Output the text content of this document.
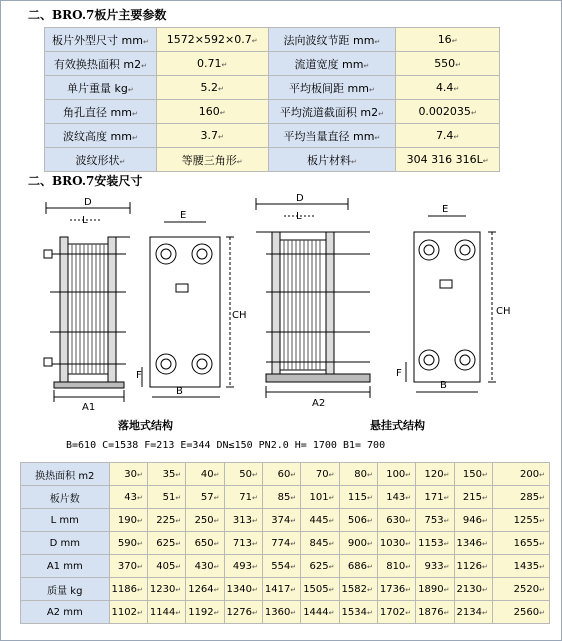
二、BRO.7板片主要参数
板片外型尺寸 mm↵	1572×592×0.7↵	法向波纹节距 mm↵	16↵
有效换热面积 m2↵	0.71↵	流道宽度 mm↵	550↵
单片重量 kg↵	5.2↵	平均板间距 mm↵	4.4↵
角孔直径 mm↵	160↵	平均流道截面积 m2↵	0.002035↵
波纹高度 mm↵	3.7↵	平均当量直径 mm↵	7.4↵
波纹形状↵	等腰三角形↵	板片材料↵	304 316 316L↵
二、BRO.7安装尺寸
D
L	E
CH
F
B
A1
D
L
E
CH
F
B
A2
落地式结构	悬挂式结构
B=610 C=1538 F=213 E=344 DN≤150 PN2.0 H= 1700 B1= 700
换热面积 m2	30↵	35↵	40↵	50↵	60↵	70↵	80↵	100↵	120↵	150↵	200↵
板片数	43↵	51↵	57↵	71↵	85↵	101↵	115↵	143↵	171↵	215↵	285↵
L mm	190↵	225↵	250↵	313↵	374↵	445↵	506↵	630↵	753↵	946↵	1255↵
D mm	590↵	625↵	650↵	713↵	774↵	845↵	900↵	1030↵	1153↵	1346↵	1655↵
A1 mm	370↵	405↵	430↵	493↵	554↵	625↵	686↵	810↵	933↵	1126↵	1435↵
质量 kg	1186↵	1230↵	1264↵	1340↵	1417↵	1505↵	1582↵	1736↵	1890↵	2130↵	2520↵
A2 mm	1102↵	1144↵	1192↵	1276↵	1360↵	1444↵	1534↵	1702↵	1876↵	2134↵	2560↵
